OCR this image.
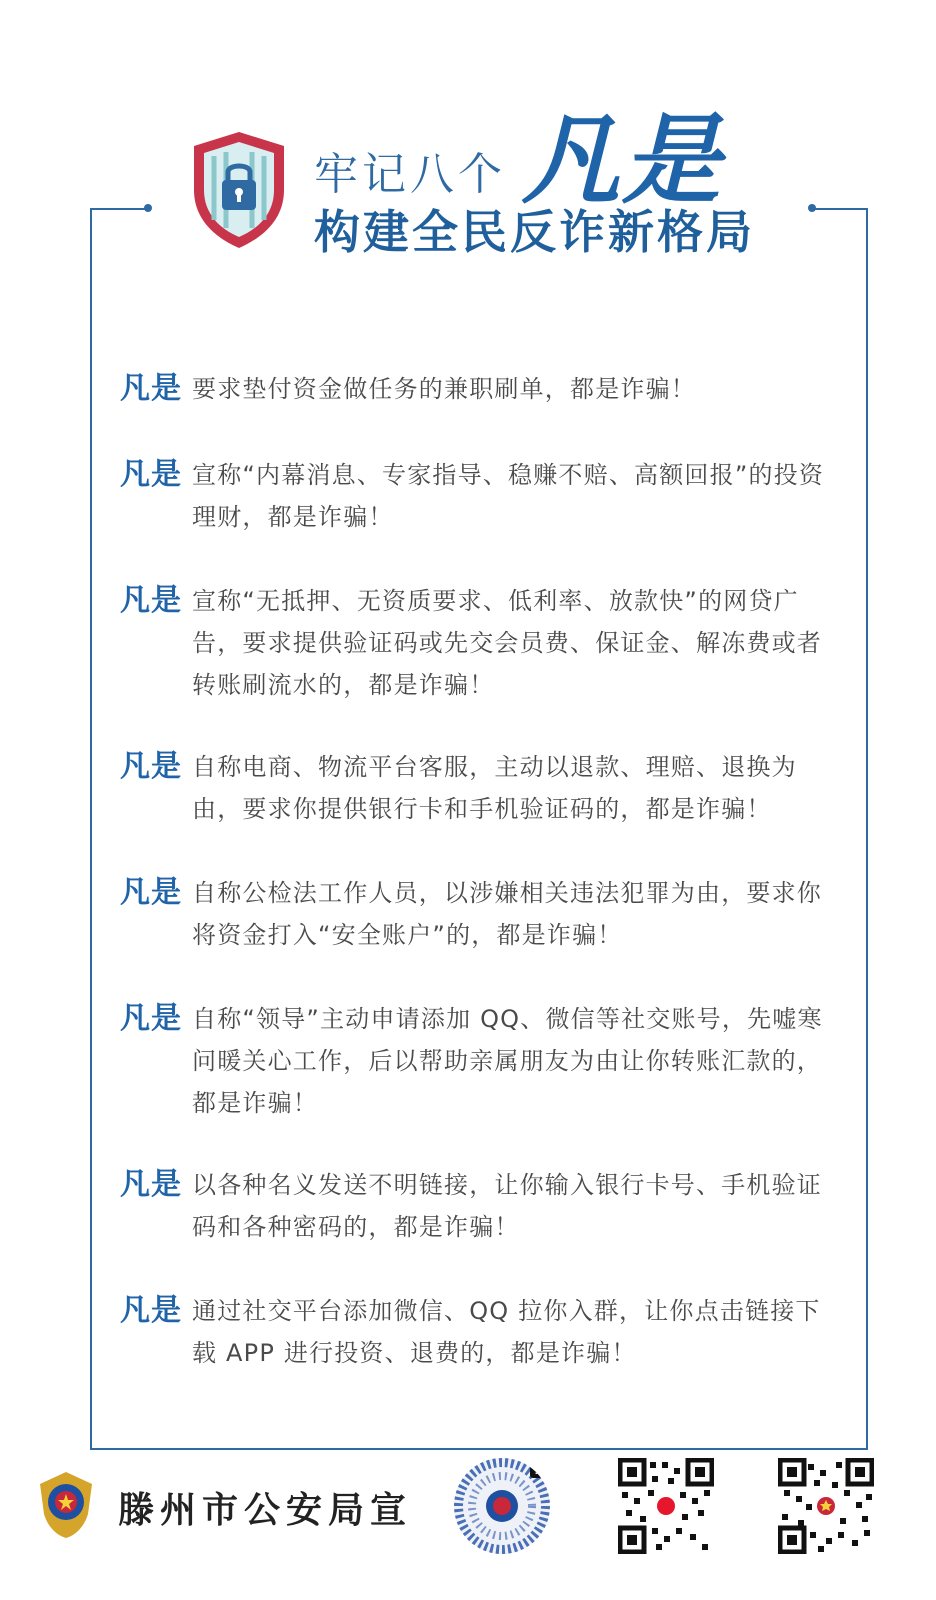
牢记八个 凡是
构建全民反诈新格局
凡是 要求垫付资金做任务的兼职刷单，都是诈骗！
凡是 宣称“内幕消息、专家指导、稳赚不赔、高额回报”的投资理财，都是诈骗！
凡是 宣称“无抵押、无资质要求、低利率、放款快”的网贷广告，要求提供验证码或先交会员费、保证金、解冻费或者转账刷流水的，都是诈骗！
凡是 自称电商、物流平台客服，主动以退款、理赔、退换为由，要求你提供银行卡和手机验证码的，都是诈骗！
凡是 自称公检法工作人员，以涉嫌相关违法犯罪为由，要求你将资金打入“安全账户”的，都是诈骗！
凡是 自称“领导”主动申请添加 QQ、微信等社交账号，先嘘寒问暖关心工作，后以帮助亲属朋友为由让你转账汇款的，都是诈骗！
凡是 以各种名义发送不明链接，让你输入银行卡号、手机验证码和各种密码的，都是诈骗！
凡是 通过社交平台添加微信、QQ 拉你入群，让你点击链接下载 APP 进行投资、退费的，都是诈骗！
滕州市公安局宣
♪
